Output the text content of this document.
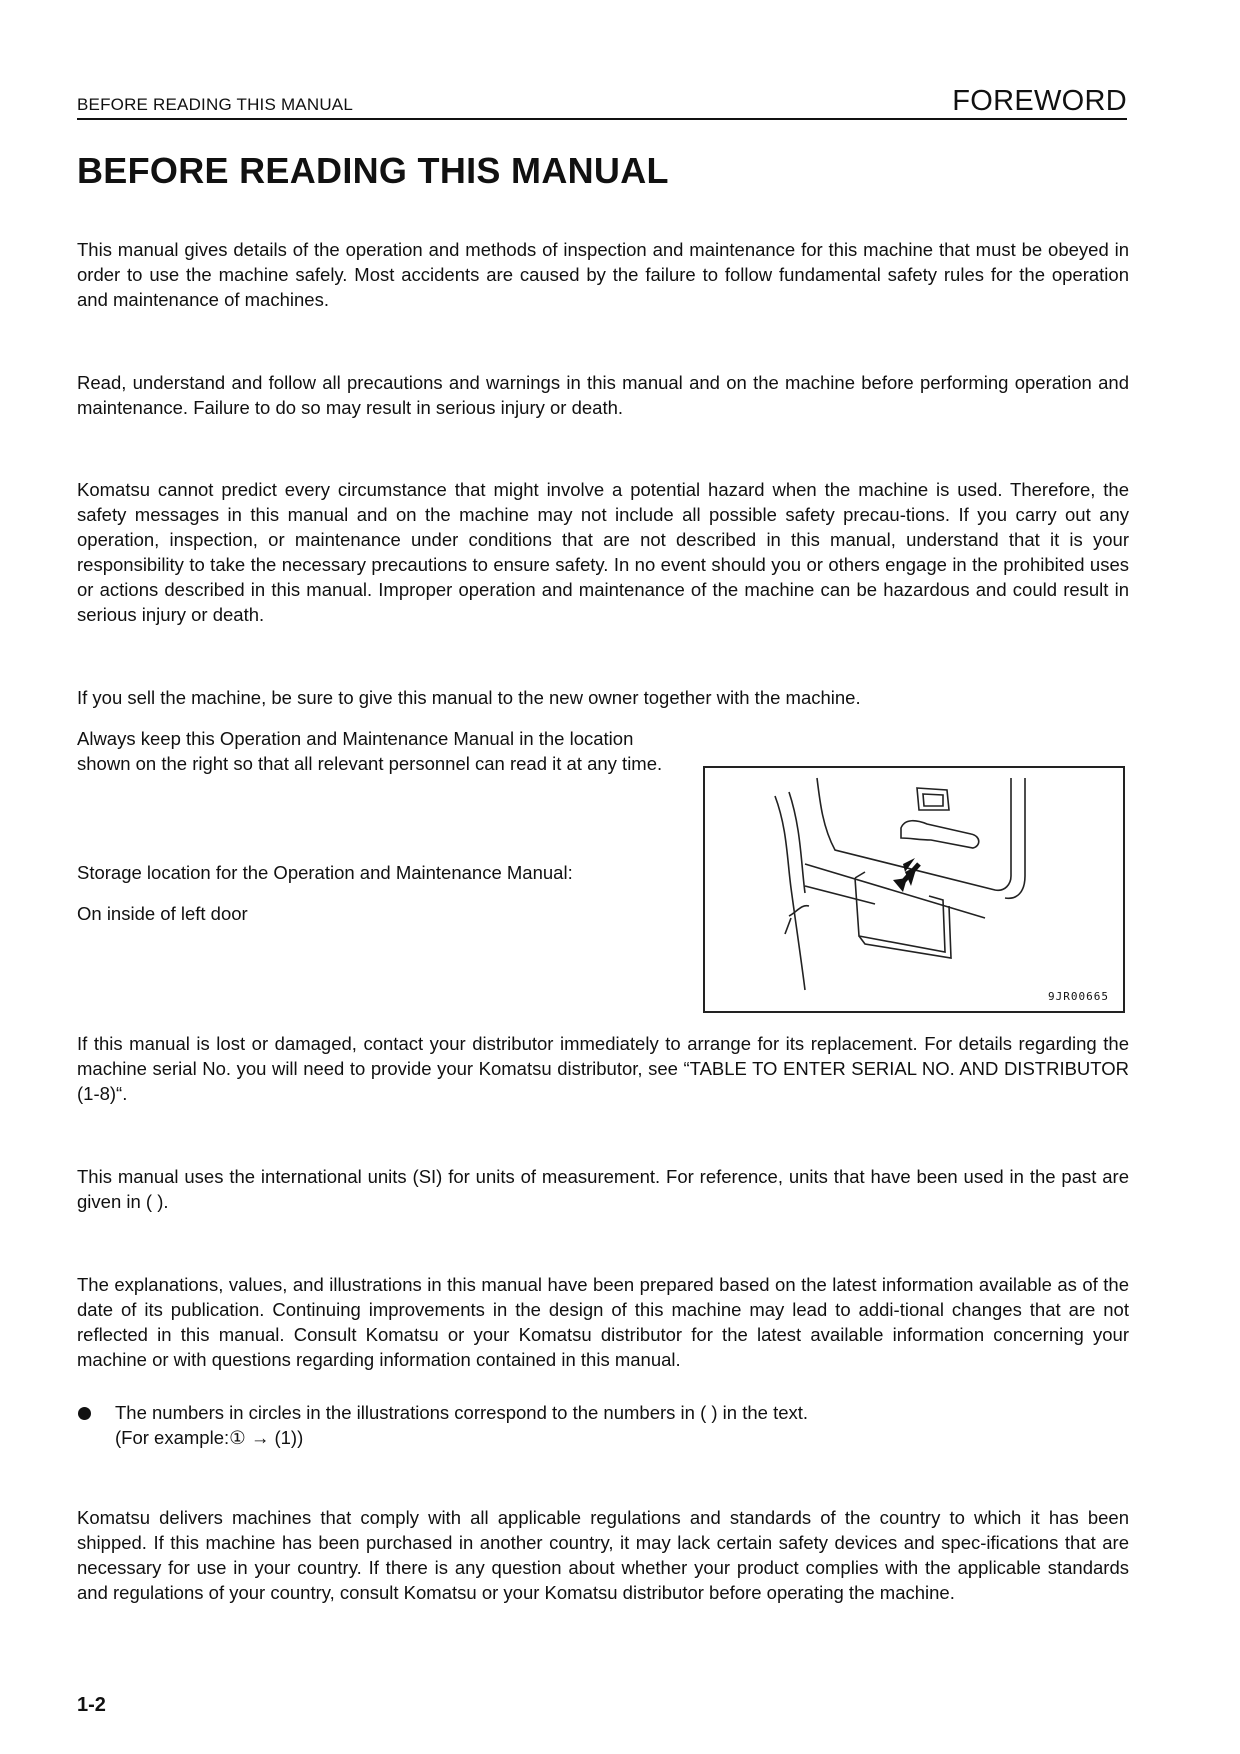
BEFORE READING THIS MANUAL	FOREWORD
BEFORE READING THIS MANUAL

This manual gives details of the operation and methods of inspection and maintenance for this machine that must be obeyed in order to use the machine safely. Most accidents are caused by the failure to follow fundamental safety rules for the operation and maintenance of machines.

Read, understand and follow all precautions and warnings in this manual and on the machine before performing operation and maintenance. Failure to do so may result in serious injury or death.

Komatsu cannot predict every circumstance that might involve a potential hazard when the machine is used. Therefore, the safety messages in this manual and on the machine may not include all possible safety precau-tions. If you carry out any operation, inspection, or maintenance under conditions that are not described in this manual, understand that it is your responsibility to take the necessary precautions to ensure safety. In no event should you or others engage in the prohibited uses or actions described in this manual. Improper operation and maintenance of the machine can be hazardous and could result in serious injury or death.

If you sell the machine, be sure to give this manual to the new owner together with the machine.

Always keep this Operation and Maintenance Manual in the location shown on the right so that all relevant personnel can read it at any time.

Storage location for the Operation and Maintenance Manual:

On inside of left door

9JR00665

If this manual is lost or damaged, contact your distributor immediately to arrange for its replacement. For details regarding the machine serial No. you will need to provide your Komatsu distributor, see “TABLE TO ENTER SERIAL NO. AND DISTRIBUTOR (1-8)“.

This manual uses the international units (SI) for units of measurement. For reference, units that have been used in the past are given in ( ).

The explanations, values, and illustrations in this manual have been prepared based on the latest information available as of the date of its publication. Continuing improvements in the design of this machine may lead to addi-tional changes that are not reflected in this manual. Consult Komatsu or your Komatsu distributor for the latest available information concerning your machine or with questions regarding information contained in this manual.

The numbers in circles in the illustrations correspond to the numbers in ( ) in the text.

(For example:① → (1))

Komatsu delivers machines that comply with all applicable regulations and standards of the country to which it has been shipped. If this machine has been purchased in another country, it may lack certain safety devices and spec-ifications that are necessary for use in your country. If there is any question about whether your product complies with the applicable standards and regulations of your country, consult Komatsu or your Komatsu distributor before operating the machine.

1-2
